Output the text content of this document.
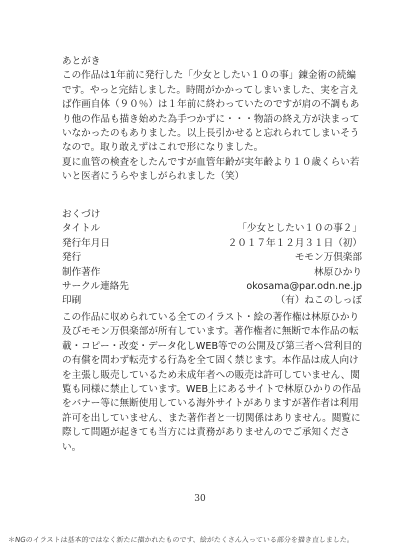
あとがき

この作品は1年前に発行した「少女としたい１０の事」錬金術の続編です。やっと完結しました。時間がかかってしまいました、実を言えば作画自体（９０％）は１年前に終わっていたのですが肩の不調もあり他の作品も描き始めた為手つかずに・・・物語の終え方が決まっていなかったのもありました。以上長引かせると忘れられてしまいそうなので。取り敢えずはこれで形になりました。

夏に血管の検査をしたんですが血管年齢が実年齢より１０歳くらい若いと医者にうらやましがられました（笑）

おくづけ

タイトル	「少女としたい１０の事２」
発行年月日	２０１７年１２月３１日（初）
発行	モモン万倶楽部
制作著作	林原ひかり
サークル連絡先	okosama@par.odn.ne.jp
印刷	（有）ねこのしっぽ

この作品に収められている全てのイラスト・絵の著作権は林原ひかり及びモモン万倶楽部が所有しています。著作権者に無断で本作品の転載・コピー・改変・データ化しWEB等での公開及び第三者へ営利目的の有償を問わず転売する行為を全て固く禁じます。本作品は成人向けを主張し販売しているため未成年者への販売は許可していません、閲覧も同様に禁止しています。WEB上にあるサイトで林原ひかりの作品をバナー等に無断使用している海外サイトがありますが著作者は利用許可を出していません、また著作者と一切関係はありません。閲覧に際して問題が起きても当方には責務がありませんのでご承知ください。

30
＊NGのイラストは基本的ではなく新たに描かれたものです、絵がたくさん入っている部分を描き直しました。
